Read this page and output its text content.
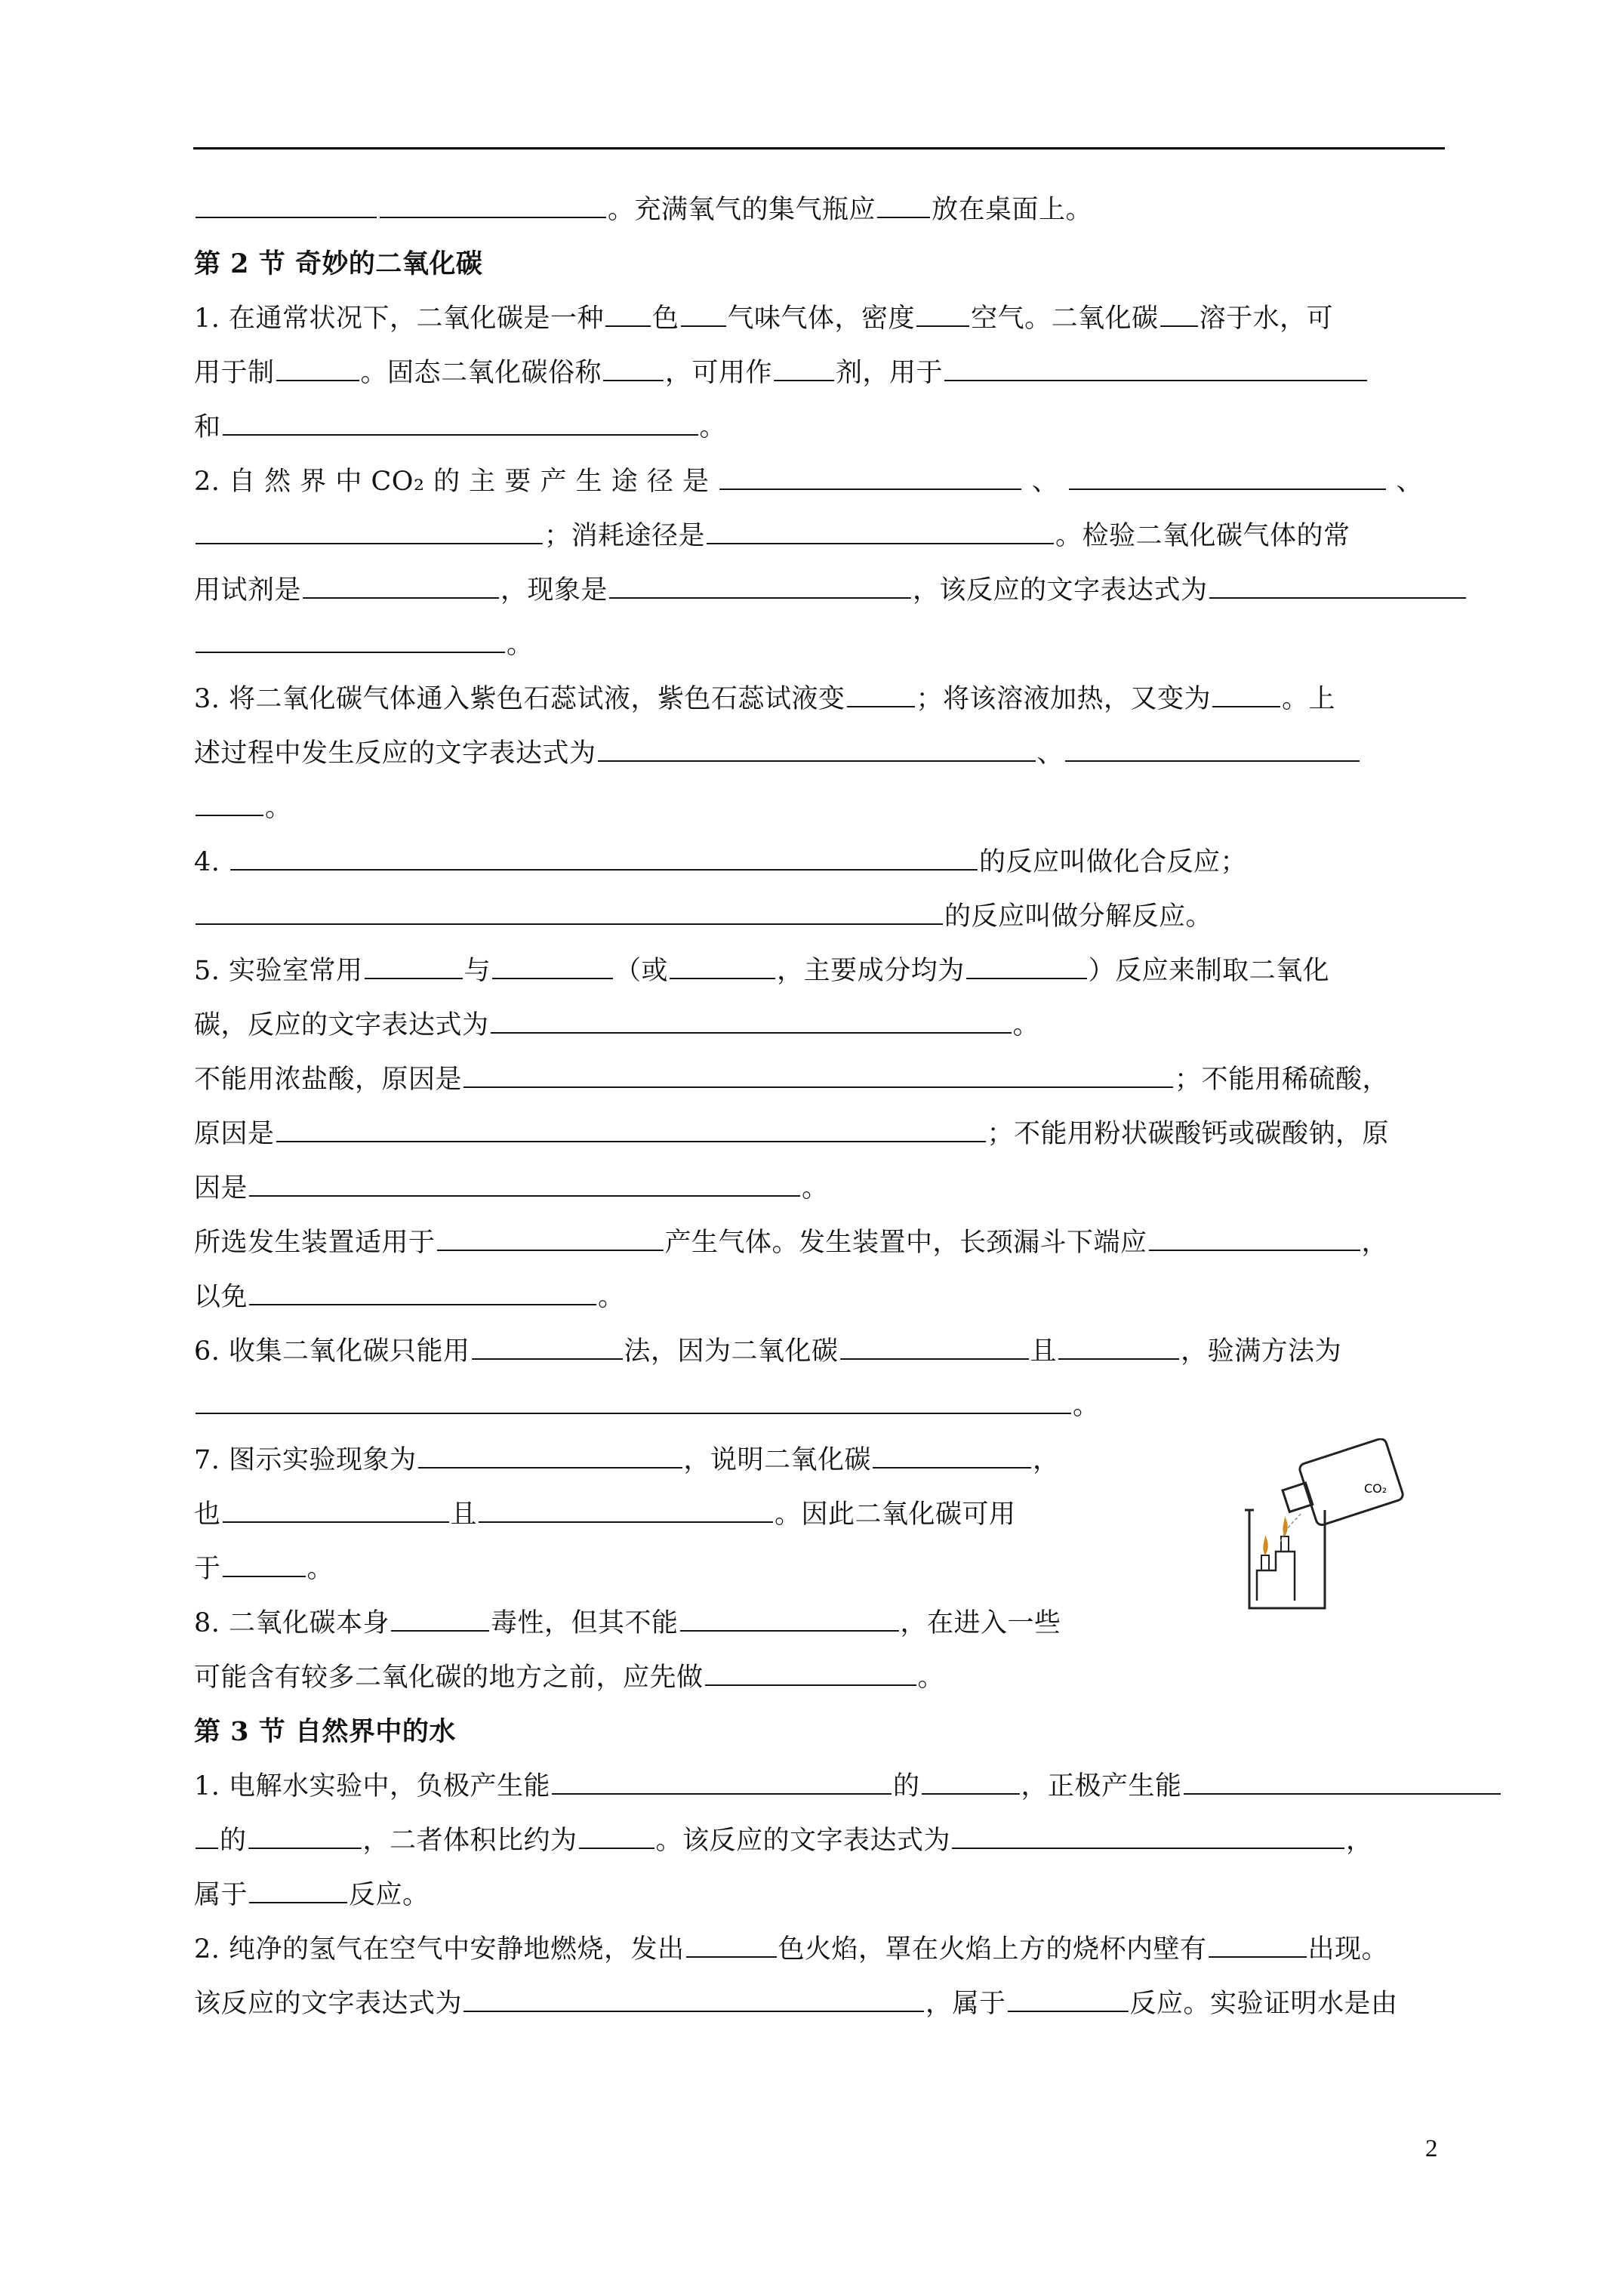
。充满氧气的集气瓶应 放在桌面上。
第 2 节 奇妙的二氧化碳
1. 在通常状况下，二氧化碳是一种 色 气味气体，密度 空气。二氧化碳 溶于水，可
用于制	。固态二氧化碳俗称 ，可用作 剂，用于
和	。
2. 自 然 界 中 CO₂ 的 主 要 产 生 途 径 是	、	、
；消耗途径是	。检验二氧化碳气体的常
用试剂是	，现象是	，该反应的文字表达式为
。
3. 将二氧化碳气体通入紫色石蕊试液，紫色石蕊试液变	；将该溶液加热，又变为	。上
述过程中发生反应的文字表达式为	、
。
4.	的反应叫做化合反应；
的反应叫做分解反应。
5. 实验室常用	与	（或	，主要成分均为	）反应来制取二氧化
碳，反应的文字表达式为	。
不能用浓盐酸，原因是	；不能用稀硫酸，
原因是	；不能用粉状碳酸钙或碳酸钠，原
因是	。
所选发生装置适用于	产生气体。发生装置中，长颈漏斗下端应	，
以免	。
6. 收集二氧化碳只能用	法，因为二氧化碳	且	，验满方法为
。
7. 图示实验现象为	，说明二氧化碳	，
也	且	。因此二氧化碳可用
于	。
8. 二氧化碳本身	毒性，但其不能	，在进入一些
可能含有较多二氧化碳的地方之前，应先做	。
第 3 节 自然界中的水
1. 电解水实验中，负极产生能	的	，正极产生能
的	，二者体积比约为	。该反应的文字表达式为	，
属于	反应。
2. 纯净的氢气在空气中安静地燃烧，发出	色火焰，罩在火焰上方的烧杯内壁有	出现。
该反应的文字表达式为	，属于	反应。实验证明水是由
CO₂
2
